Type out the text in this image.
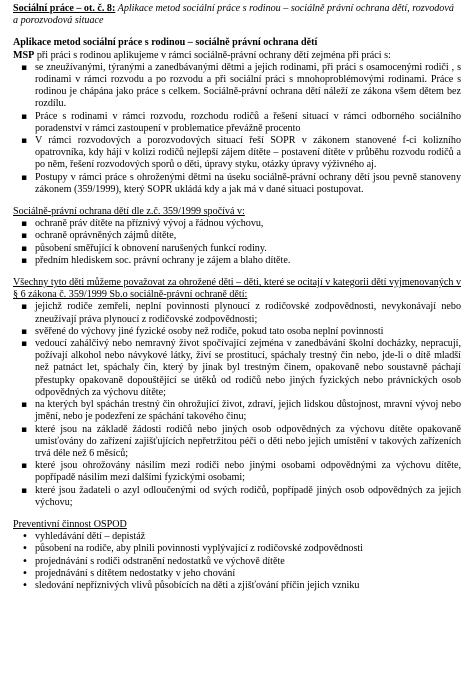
Sociální práce – ot. č. 8: Aplikace metod sociální práce s rodinou – sociálně právní ochrana dětí, rozvodová a porozvodová situace

Aplikace metod sociální práce s rodinou – sociálně právní ochrana dětí

MSP při práci s rodinou aplikujeme v rámci sociálně-právní ochrany dětí zejména při práci s:

▪ se zneužívanými, týranými a zanedbávanými dětmi a jejich rodinami, při práci s osamocenými rodiči , s rodinami v rámci rozvodu a po rozvodu a při sociální práci s mnohoproblémovými rodinami. Práce s rodinou je chápána jako práce s celkem. Sociálně-právní ochrana dětí náleží ze zákona všem dětem bez rozdílu.
▪ Práce s rodinami v rámci rozvodu, rozchodu rodičů a řešení situací v rámci odborného sociálního poradenství v rámci zastoupení v problematice převážně procento
▪ V rámci rozvodových a porozvodových situací řeší SOPR v zákonem stanovené f-ci kolizního opatrovníka, kdy hájí v kolizi rodičů nejlepší zájem dítěte – postavení dítěte v průběhu rozvodu rodičů a po něm, řešení rozvodových sporů o děti, úpravy styku, otázky úpravy výživného aj.
▪ Postupy v rámci práce s ohroženými dětmi na úseku sociálně-právní ochrany dětí jsou pevně stanoveny zákonem (359/1999), který SOPR ukládá kdy a jak má v dané situaci postupovat.
Sociálně-právní ochrana dětí dle z.č. 359/1999 spočívá v:
▪ ochraně práv dítěte na příznivý vývoj a řádnou výchovu,
▪ ochraně oprávněných zájmů dítěte,
▪ působení směřující k obnovení narušených funkcí rodiny.
▪ předním hlediskem soc. právní ochrany je zájem a blaho dítěte.
Všechny tyto děti můžeme považovat za ohrožené děti – děti, které se ocitají v kategorii dětí vyjmenovaných v § 6 zákona č. 359/1999 Sb.o sociálně-právní ochraně dětí:
▪ jejichž rodiče zemřeli, neplní povinnosti plynoucí z rodičovské zodpovědnosti, nevykonávají nebo zneužívají práva plynoucí z rodičovské zodpovědnosti;
▪ svěřené do výchovy jiné fyzické osoby než rodiče, pokud tato osoba neplní povinnosti
▪ vedoucí zahálčivý nebo nemravný život spočívající zejména v zanedbávání školní docházky, nepracují, požívají alkohol nebo návykové látky, živí se prostitucí, spáchaly trestný čin nebo, jde-li o dítě mladší než patnáct let, spáchaly čin, který by jinak byl trestným činem, opakovaně nebo soustavně páchají přestupky opakovaně dopouštějící se útěků od rodičů nebo jiných fyzických nebo právnických osob odpovědných za výchovu dítěte;
▪ na kterých byl spáchán trestný čin ohrožující život, zdraví, jejich lidskou důstojnost, mravní vývoj nebo jmění, nebo je podezření ze spáchání takového činu;
▪ které jsou na základě žádosti rodičů nebo jiných osob odpovědných za výchovu dítěte opakovaně umisťovány do zařízení zajišťujících nepřetržitou péči o děti nebo jejich umístění v takových zařízeních trvá déle než 6 měsíců;
▪ které jsou ohrožovány násilím mezi rodiči nebo jinými osobami odpovědnými za výchovu dítěte, popřípadě násilím mezi dalšími fyzickými osobami;
▪ které jsou žadateli o azyl odloučenými od svých rodičů, popřípadě jiných osob odpovědných za jejich výchovu;
Preventivní činnost OSPOD
• vyhledávání dětí – depistáž
• působení na rodiče, aby plnili povinnosti vyplývající z rodičovské zodpovědnosti
• projednávání s rodiči odstranění nedostatků ve výchově dítěte
• projednávání s dítětem nedostatky v jeho chování
• sledování nepříznivých vlivů působících na děti a zjišťování příčin jejich vzniku
